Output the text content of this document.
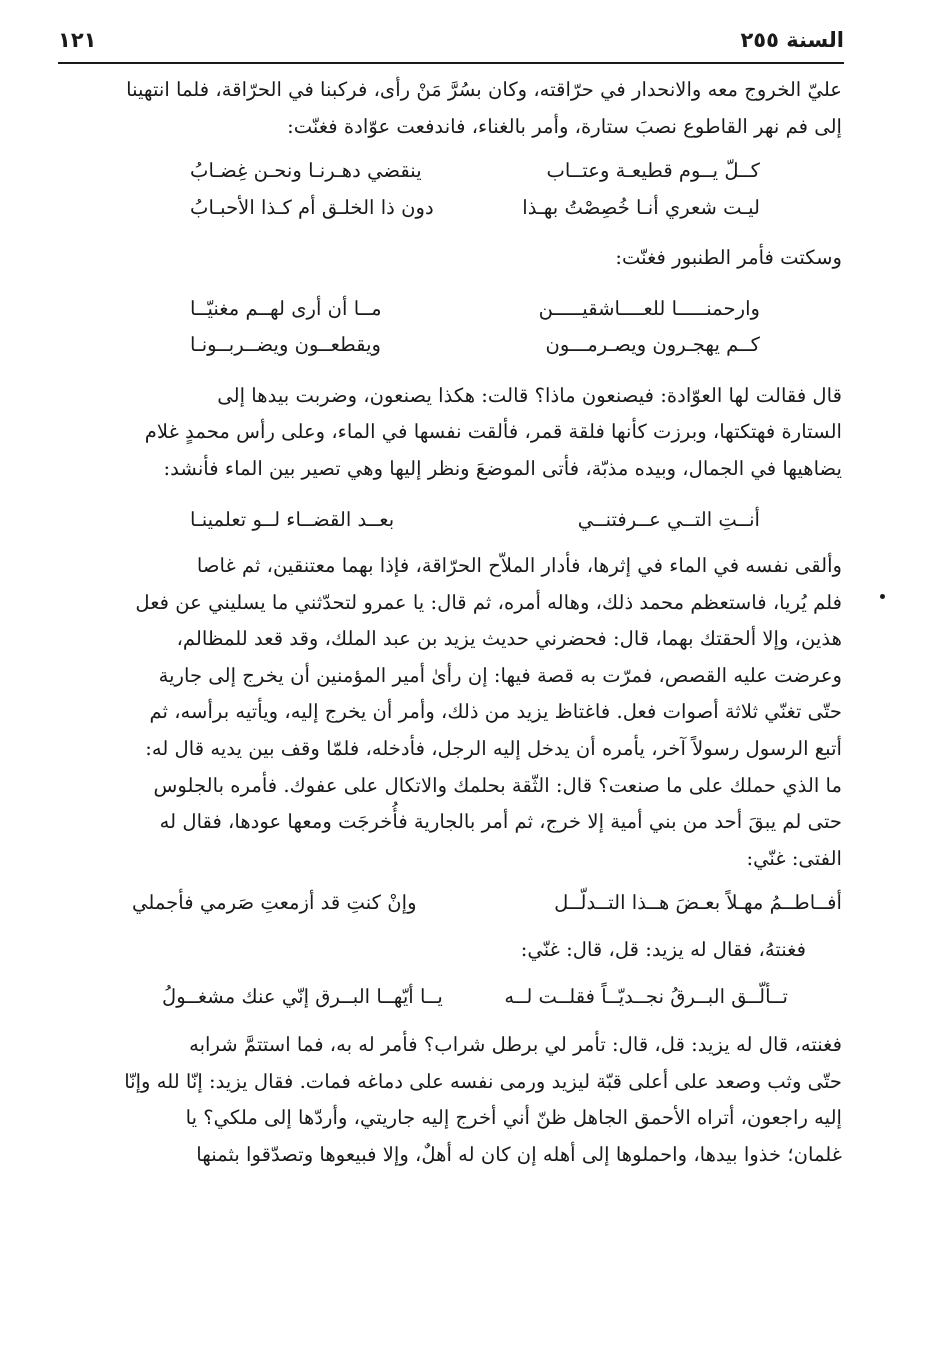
السنة ٢٥٥
١٢١

عليّ الخروج معه والانحدار في حرّاقته، وكان بسُرَّ مَنْ رأى، فركبنا في الحرّاقة، فلما انتهينا
إلى فم نهر القاطوع نصبَ ستارة، وأمر بالغناء، فاندفعت عوّادة فغنّت:

كــلّ يــوم قطيعـة وعتــاب
ينقضي دهـرنـا ونحـن غِضـابُ
ليـت شعري أنـا خُصِصْتُ بهـذا
دون ذا الخلـق أم كـذا الأحبـابُ

وسكتت فأمر الطنبور فغنّت:

وارحمنـــــا للعــــاشقيـــــن
مــا أن أرى لهــم مغنيّــا
كــم يهجـرون ويصـرمـــون
ويقطعــون ويضــربــونـا

قال فقالت لها العوّادة: فيصنعون ماذا؟ قالت: هكذا يصنعون، وضربت بيدها إلى
الستارة فهتكتها، وبرزت كأنها فلقة قمر، فألقت نفسها في الماء، وعلى رأس محمدٍ غلام
يضاهيها في الجمال، وبيده مذبّة، فأتى الموضعَ ونظر إليها وهي تصير بين الماء فأنشد:

أنــتِ التــي عــرفتنــي
بعــد القضــاء لــو تعلمينـا

وألقى نفسه في الماء في إثرها، فأدار الملاّح الحرّاقة، فإذا بهما معتنقين، ثم غاصا
فلم يُريا، فاستعظم محمد ذلك، وهاله أمره، ثم قال: يا عمرو لتحدّثني ما يسليني عن فعل
هذين، وإلا ألحقتك بهما، قال: فحضرني حديث يزيد بن عبد الملك، وقد قعد للمظالم،
وعرضت عليه القصص، فمرّت به قصة فيها: إن رأىٰ أمير المؤمنين أن يخرج إلى جارية
حتّى تغنّي ثلاثة أصوات فعل. فاغتاظ يزيد من ذلك، وأمر أن يخرج إليه، ويأتيه برأسه، ثم
أتبع الرسول رسولاً آخر، يأمره أن يدخل إليه الرجل، فأدخله، فلمّا وقف بين يديه قال له:
ما الذي حملك على ما صنعت؟ قال: الثّقة بحلمك والاتكال على عفوك. فأمره بالجلوس
حتى لم يبقَ أحد من بني أمية إلا خرج، ثم أمر بالجارية فأُخرجَت ومعها عودها، فقال له
الفتى: غنّي:

أفــاطــمُ مهـلاً بعـضَ هــذا التــدلّــل
وإنْ كنتِ قد أزمعتِ صَرمي فأجملي

فغنتهُ، فقال له يزيد: قل، قال: غنّي:

تــألّــق البــرقُ نجــديّــاً فقلــت لــه
يــا أيّهــا البــرق إنّي عنك مشغــولُ

فغنته، قال له يزيد: قل، قال: تأمر لي برطل شراب؟ فأمر له به، فما استتمَّ شرابه
حتّى وثب وصعد على أعلى قبّة ليزيد ورمى نفسه على دماغه فمات. فقال يزيد: إنّا لله وإنّا
إليه راجعون، أتراه الأحمق الجاهل ظنّ أني أخرج إليه جاريتي، وأردّها إلى ملكي؟ يا
غلمان؛ خذوا بيدها، واحملوها إلى أهله إن كان له أهلٌ، وإلا فبيعوها وتصدّقوا بثمنها
